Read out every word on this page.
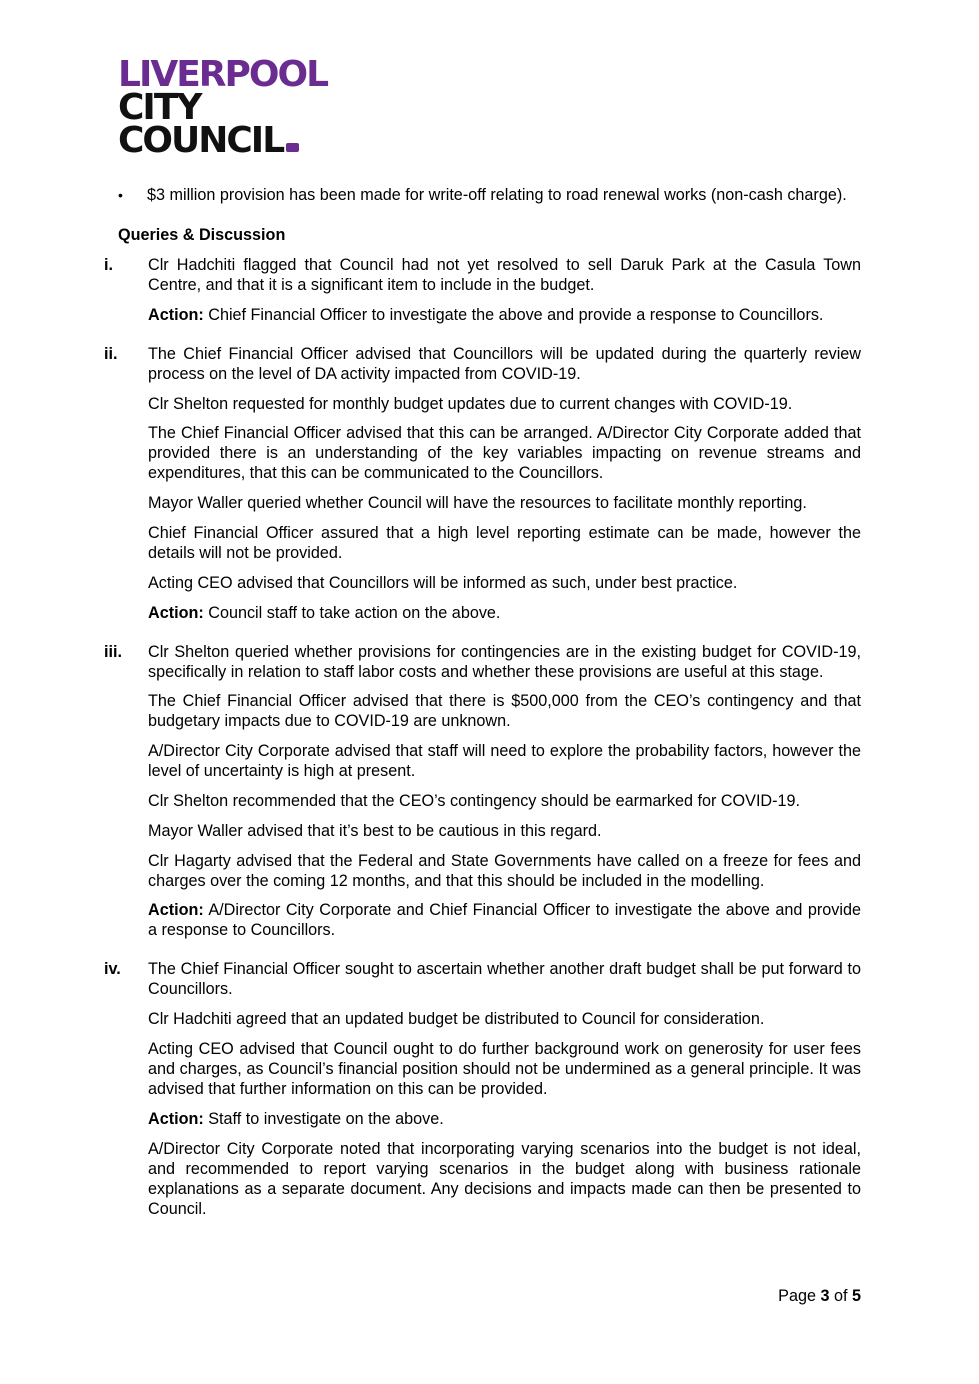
LIVERPOOL
CITY
COUNCIL
•	$3 million provision has been made for write-off relating to road renewal works (non-cash charge).

Queries & Discussion

i.	Clr Hadchiti flagged that Council had not yet resolved to sell Daruk Park at the Casula Town Centre, and that it is a significant item to include in the budget.

Action: Chief Financial Officer to investigate the above and provide a response to Councillors.

ii.	The Chief Financial Officer advised that Councillors will be updated during the quarterly review process on the level of DA activity impacted from COVID-19.

Clr Shelton requested for monthly budget updates due to current changes with COVID-19.

The Chief Financial Officer advised that this can be arranged. A/Director City Corporate added that provided there is an understanding of the key variables impacting on revenue streams and expenditures, that this can be communicated to the Councillors.

Mayor Waller queried whether Council will have the resources to facilitate monthly reporting.

Chief Financial Officer assured that a high level reporting estimate can be made, however the details will not be provided.

Acting CEO advised that Councillors will be informed as such, under best practice.

Action: Council staff to take action on the above.

iii.	Clr Shelton queried whether provisions for contingencies are in the existing budget for COVID-19, specifically in relation to staff labor costs and whether these provisions are useful at this stage.

The Chief Financial Officer advised that there is $500,000 from the CEO’s contingency and that budgetary impacts due to COVID-19 are unknown.

A/Director City Corporate advised that staff will need to explore the probability factors, however the level of uncertainty is high at present.

Clr Shelton recommended that the CEO’s contingency should be earmarked for COVID-19.

Mayor Waller advised that it’s best to be cautious in this regard.

Clr Hagarty advised that the Federal and State Governments have called on a freeze for fees and charges over the coming 12 months, and that this should be included in the modelling.

Action: A/Director City Corporate and Chief Financial Officer to investigate the above and provide a response to Councillors.

iv.	The Chief Financial Officer sought to ascertain whether another draft budget shall be put forward to Councillors.

Clr Hadchiti agreed that an updated budget be distributed to Council for consideration.

Acting CEO advised that Council ought to do further background work on generosity for user fees and charges, as Council’s financial position should not be undermined as a general principle. It was advised that further information on this can be provided.

Action: Staff to investigate on the above.

A/Director City Corporate noted that incorporating varying scenarios into the budget is not ideal, and recommended to report varying scenarios in the budget along with business rationale explanations as a separate document. Any decisions and impacts made can then be presented to Council.

Page 3 of 5
